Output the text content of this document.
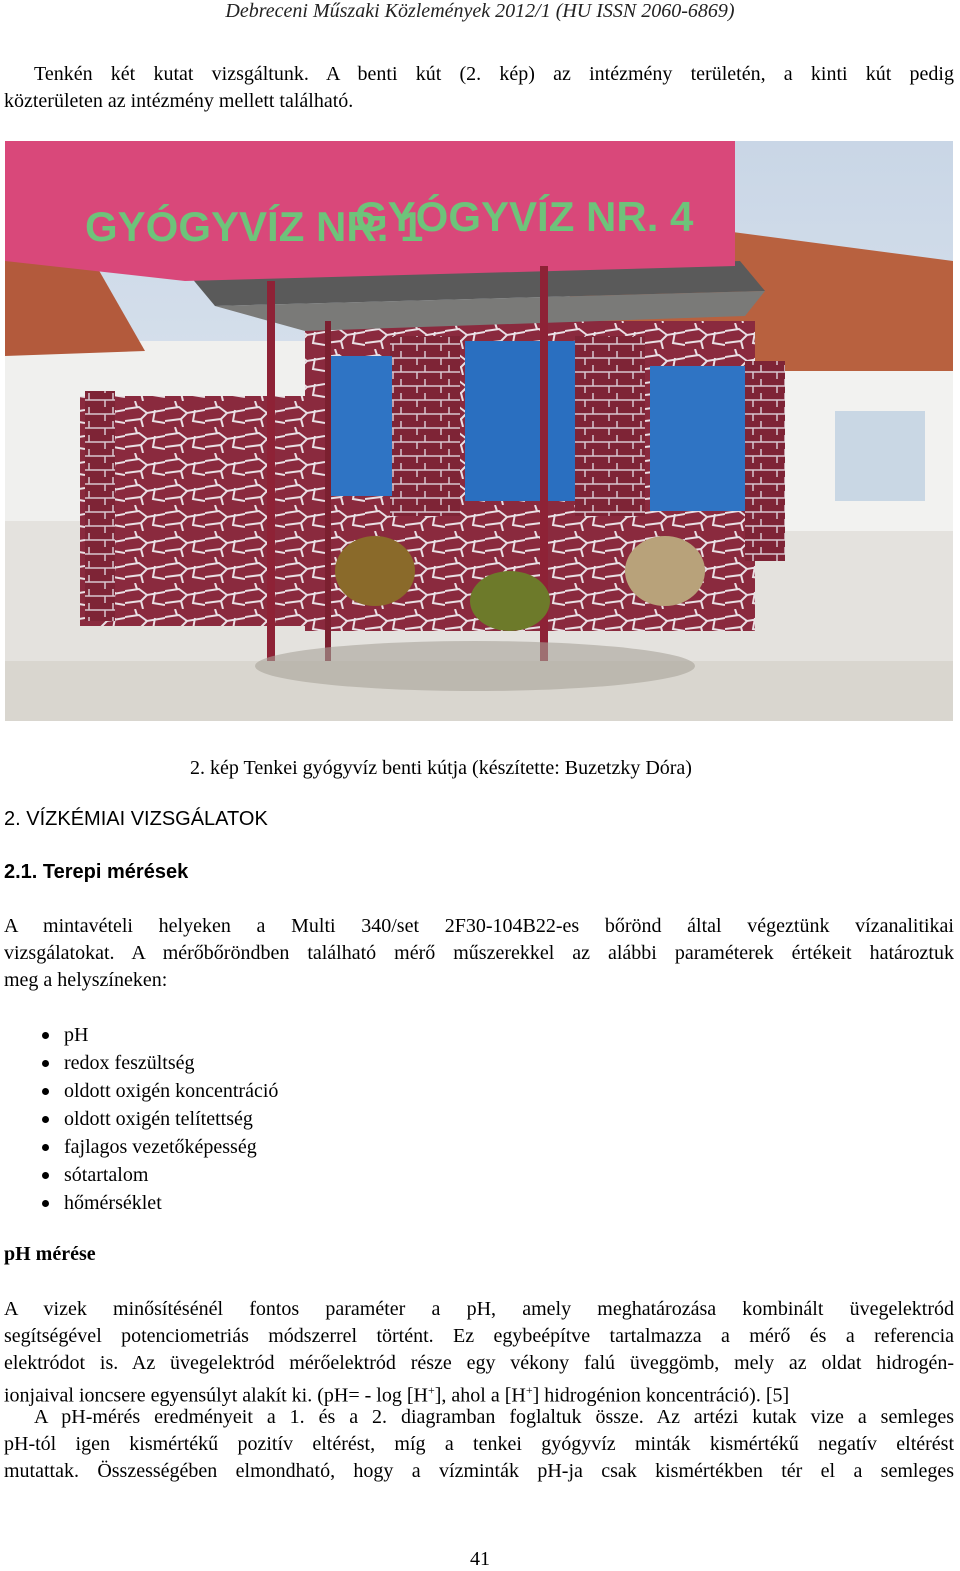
Debreceni Műszaki Közlemények 2012/1 (HU ISSN 2060-6869)
Tenkén két kutat vizsgáltunk. A benti kút (2. kép) az intézmény területén, a kinti kút pedig
közterületen az intézmény mellett található.
GYÓGYVÍZ NR. 1
GYÓGYVÍZ NR. 4
2. kép Tenkei gyógyvíz benti kútja (készítette: Buzetzky Dóra)
2. VÍZKÉMIAI VIZSGÁLATOK
2.1. Terepi mérések
A mintavételi helyeken a Multi 340/set 2F30-104B22-es bőrönd által végeztünk vízanalitikai
vizsgálatokat. A mérőbőröndben található mérő műszerekkel az alábbi paraméterek értékeit határoztuk
meg a helyszíneken:
pH
redox feszültség
oldott oxigén koncentráció
oldott oxigén telítettség
fajlagos vezetőképesség
sótartalom
hőmérséklet
pH mérése
A vizek minősítésénél fontos paraméter a pH, amely meghatározása kombinált üvegelektród
segítségével potenciometriás módszerrel történt. Ez egybeépítve tartalmazza a mérő és a referencia
elektródot is. Az üvegelektród mérőelektród része egy vékony falú üveggömb, mely az oldat hidrogén-
ionjaival ioncsere egyensúlyt alakít ki. (pH= - log [H+], ahol a [H+] hidrogénion koncentráció). [5]
A pH-mérés eredményeit a 1. és a 2. diagramban foglaltuk össze. Az artézi kutak vize a semleges
pH-tól igen kismértékű pozitív eltérést, míg a tenkei gyógyvíz minták kismértékű negatív eltérést
mutattak. Összességében elmondható, hogy a vízminták pH-ja csak kismértékben tér el a semleges
41
